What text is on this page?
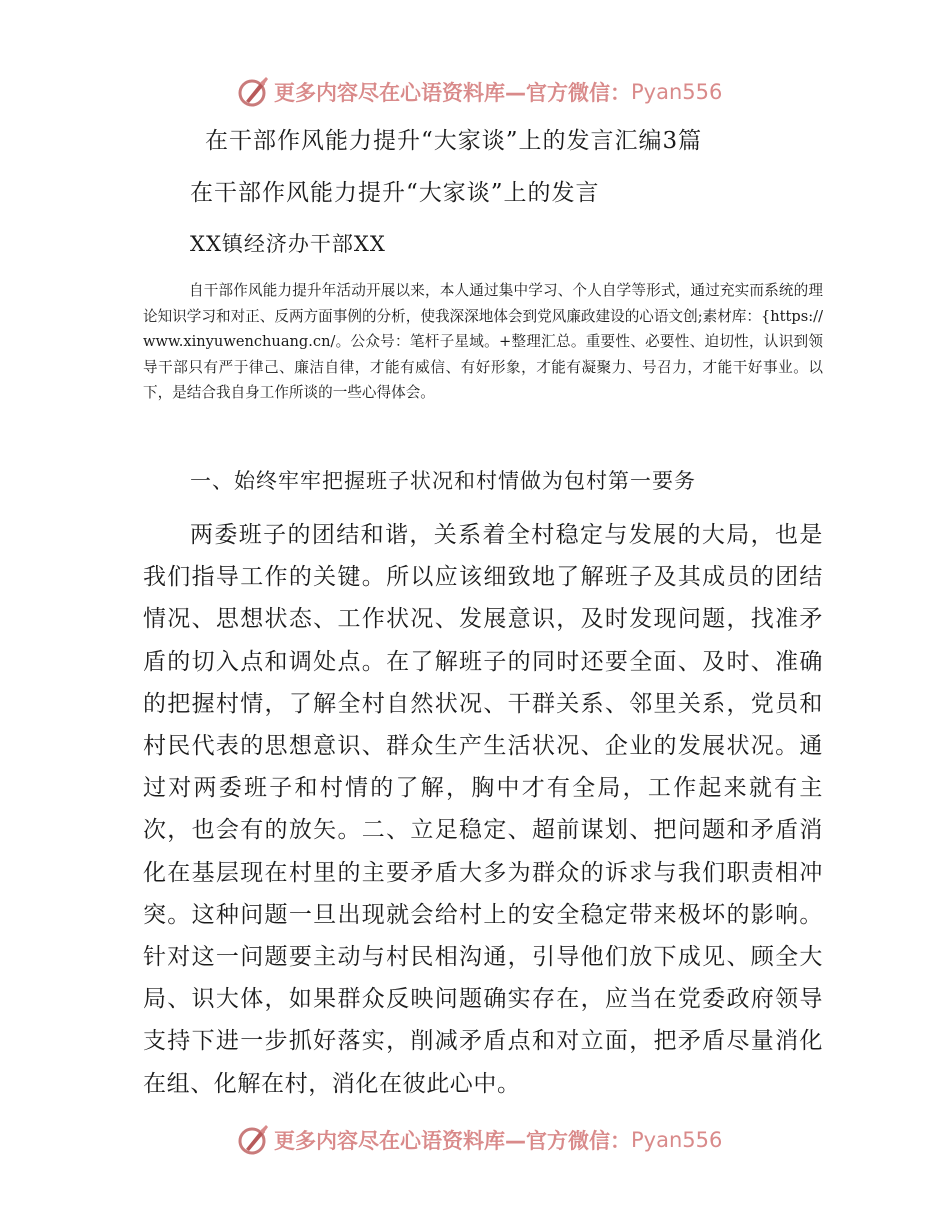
更多内容尽在心语资料库—官方微信： Pyan556
在干部作风能力提升“大家谈”上的发言汇编3篇
在干部作风能力提升“大家谈”上的发言
XX镇经济办干部XX
自干部作风能力提升年活动开展以来，本人通过集中学习、个人自学等形式，通过充实而系统的理论知识学习和对正、反两方面事例的分析，使我深深地体会到党风廉政建设的心语文创;素材库：{https://www.xinyuwenchuang.cn/。公众号：笔杆子星域。+整理汇总。重要性、必要性、迫切性，认识到领导干部只有严于律己、廉洁自律，才能有威信、有好形象，才能有凝聚力、号召力，才能干好事业。以下，是结合我自身工作所谈的一些心得体会。
一、始终牢牢把握班子状况和村情做为包村第一要务
两委班子的团结和谐，关系着全村稳定与发展的大局，也是我们指导工作的关键。所以应该细致地了解班子及其成员的团结情况、思想状态、工作状况、发展意识，及时发现问题，找准矛盾的切入点和调处点。在了解班子的同时还要全面、及时、准确的把握村情，了解全村自然状况、干群关系、邻里关系，党员和村民代表的思想意识、群众生产生活状况、企业的发展状况。通过对两委班子和村情的了解，胸中才有全局，工作起来就有主次，也会有的放矢。二、立足稳定、超前谋划、把问题和矛盾消化在基层现在村里的主要矛盾大多为群众的诉求与我们职责相冲突。这种问题一旦出现就会给村上的安全稳定带来极坏的影响。针对这一问题要主动与村民相沟通，引导他们放下成见、顾全大局、识大体，如果群众反映问题确实存在，应当在党委政府领导支持下进一步抓好落实，削减矛盾点和对立面，把矛盾尽量消化在组、化解在村，消化在彼此心中。
更多内容尽在心语资料库—官方微信： Pyan556
